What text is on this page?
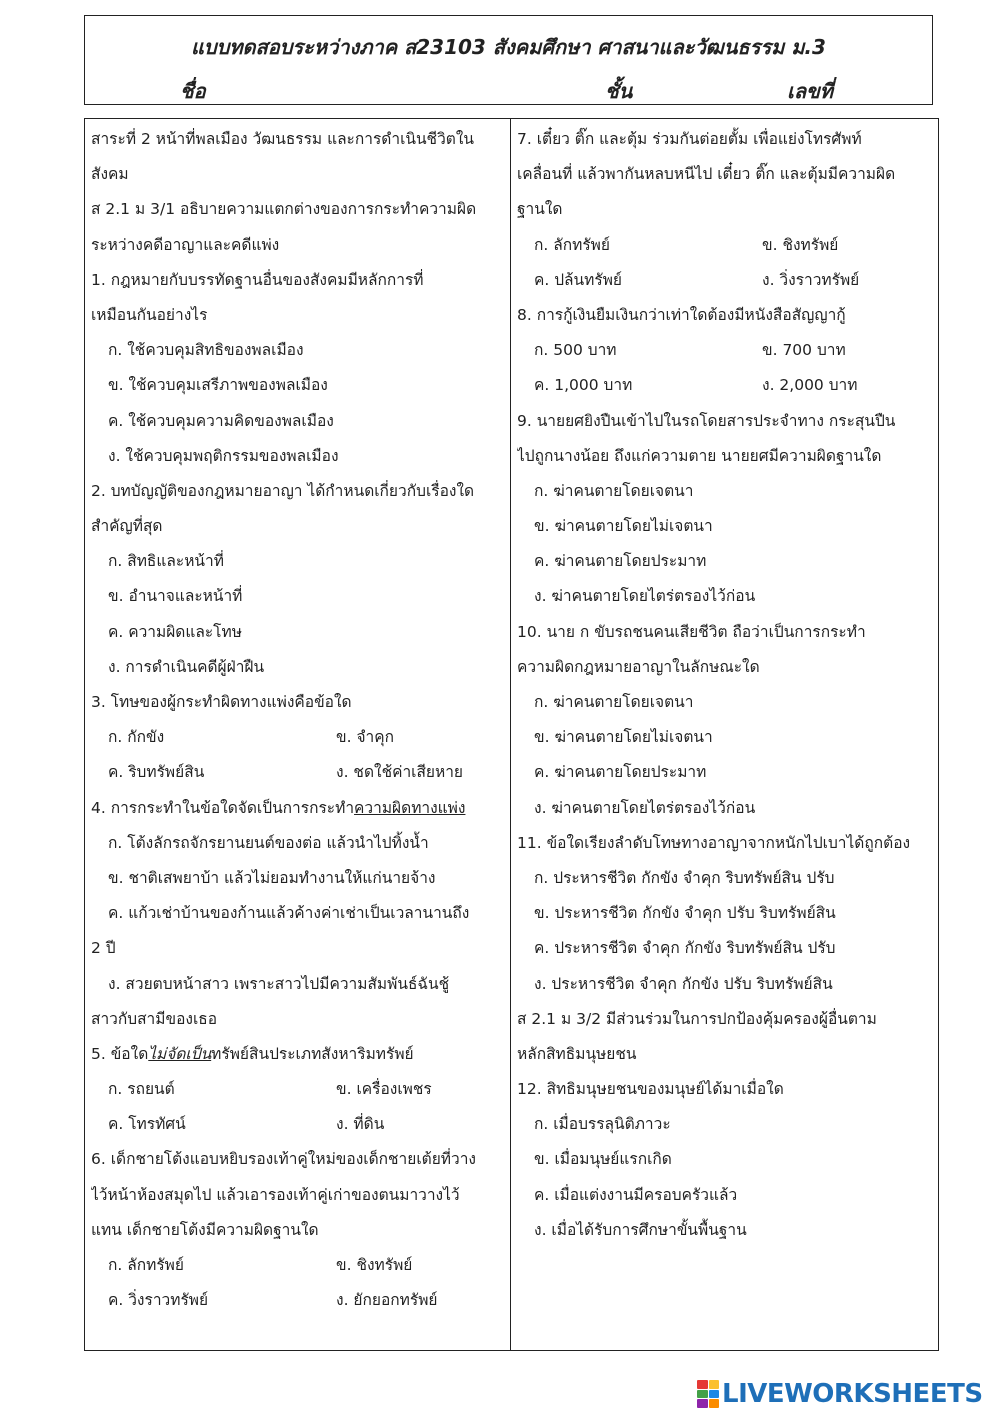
แบบทดสอบระหว่างภาค ส23103 สังคมศึกษา ศาสนาและวัฒนธรรม ม.3
ชื่อ	ชั้น	เลขที่
สาระที่ 2 หน้าที่พลเมือง วัฒนธรรม และการดำเนินชีวิตใน
สังคม
ส 2.1 ม 3/1 อธิบายความแตกต่างของการกระทำความผิด
ระหว่างคดีอาญาและคดีแพ่ง
1. กฎหมายกับบรรทัดฐานอื่นของสังคมมีหลักการที่
เหมือนกันอย่างไร
ก. ใช้ควบคุมสิทธิของพลเมือง
ข. ใช้ควบคุมเสรีภาพของพลเมือง
ค. ใช้ควบคุมความคิดของพลเมือง
ง. ใช้ควบคุมพฤติกรรมของพลเมือง
2. บทบัญญัติของกฎหมายอาญา ได้กำหนดเกี่ยวกับเรื่องใด
สำคัญที่สุด
ก. สิทธิและหน้าที่
ข. อำนาจและหน้าที่
ค. ความผิดและโทษ
ง. การดำเนินคดีผู้ฝ่าฝืน
3. โทษของผู้กระทำผิดทางแพ่งคือข้อใด
ก. กักขัง	ข. จำคุก
ค. ริบทรัพย์สิน	ง. ชดใช้ค่าเสียหาย
4. การกระทำในข้อใดจัดเป็นการกระทำความผิดทางแพ่ง
ก. โต้งลักรถจักรยานยนต์ของต่อ แล้วนำไปทิ้งน้ำ
ข. ชาติเสพยาบ้า แล้วไม่ยอมทำงานให้แก่นายจ้าง
ค. แก้วเช่าบ้านของก้านแล้วค้างค่าเช่าเป็นเวลานานถึง
2 ปี
ง. สวยตบหน้าสาว เพราะสาวไปมีความสัมพันธ์ฉันชู้
สาวกับสามีของเธอ
5. ข้อใดไม่จัดเป็นทรัพย์สินประเภทสังหาริมทรัพย์
ก. รถยนต์	ข. เครื่องเพชร
ค. โทรทัศน์	ง. ที่ดิน
6. เด็กชายโต้งแอบหยิบรองเท้าคู่ใหม่ของเด็กชายเต้ยที่วาง
ไว้หน้าห้องสมุดไป แล้วเอารองเท้าคู่เก่าของตนมาวางไว้
แทน เด็กชายโต้งมีความผิดฐานใด
ก. ลักทรัพย์	ข. ชิงทรัพย์
ค. วิ่งราวทรัพย์	ง. ยักยอกทรัพย์
7. เตี๋ยว ติ๊ก และตุ้ม ร่วมกันต่อยตั้ม เพื่อแย่งโทรศัพท์
เคลื่อนที่ แล้วพากันหลบหนีไป เตี๋ยว ติ๊ก และตุ้มมีความผิด
ฐานใด
ก. ลักทรัพย์	ข. ชิงทรัพย์
ค. ปล้นทรัพย์	ง. วิ่งราวทรัพย์
8. การกู้เงินยืมเงินกว่าเท่าใดต้องมีหนังสือสัญญากู้
ก. 500 บาท	ข. 700 บาท
ค. 1,000 บาท	ง. 2,000 บาท
9. นายยศยิงปืนเข้าไปในรถโดยสารประจำทาง กระสุนปืน
ไปถูกนางน้อย ถึงแก่ความตาย นายยศมีความผิดฐานใด
ก. ฆ่าคนตายโดยเจตนา
ข. ฆ่าคนตายโดยไม่เจตนา
ค. ฆ่าคนตายโดยประมาท
ง. ฆ่าคนตายโดยไตร่ตรองไว้ก่อน
10. นาย ก ขับรถชนคนเสียชีวิต ถือว่าเป็นการกระทำ
ความผิดกฎหมายอาญาในลักษณะใด
ก. ฆ่าคนตายโดยเจตนา
ข. ฆ่าคนตายโดยไม่เจตนา
ค. ฆ่าคนตายโดยประมาท
ง. ฆ่าคนตายโดยไตร่ตรองไว้ก่อน
11. ข้อใดเรียงลำดับโทษทางอาญาจากหนักไปเบาได้ถูกต้อง
ก. ประหารชีวิต กักขัง จำคุก ริบทรัพย์สิน ปรับ
ข. ประหารชีวิต กักขัง จำคุก ปรับ ริบทรัพย์สิน
ค. ประหารชีวิต จำคุก กักขัง ริบทรัพย์สิน ปรับ
ง. ประหารชีวิต จำคุก กักขัง ปรับ ริบทรัพย์สิน
ส 2.1 ม 3/2 มีส่วนร่วมในการปกป้องคุ้มครองผู้อื่นตาม
หลักสิทธิมนุษยชน
12. สิทธิมนุษยชนของมนุษย์ได้มาเมื่อใด
ก. เมื่อบรรลุนิติภาวะ
ข. เมื่อมนุษย์แรกเกิด
ค. เมื่อแต่งงานมีครอบครัวแล้ว
ง. เมื่อได้รับการศึกษาขั้นพื้นฐาน
LIVEWORKSHEETS
